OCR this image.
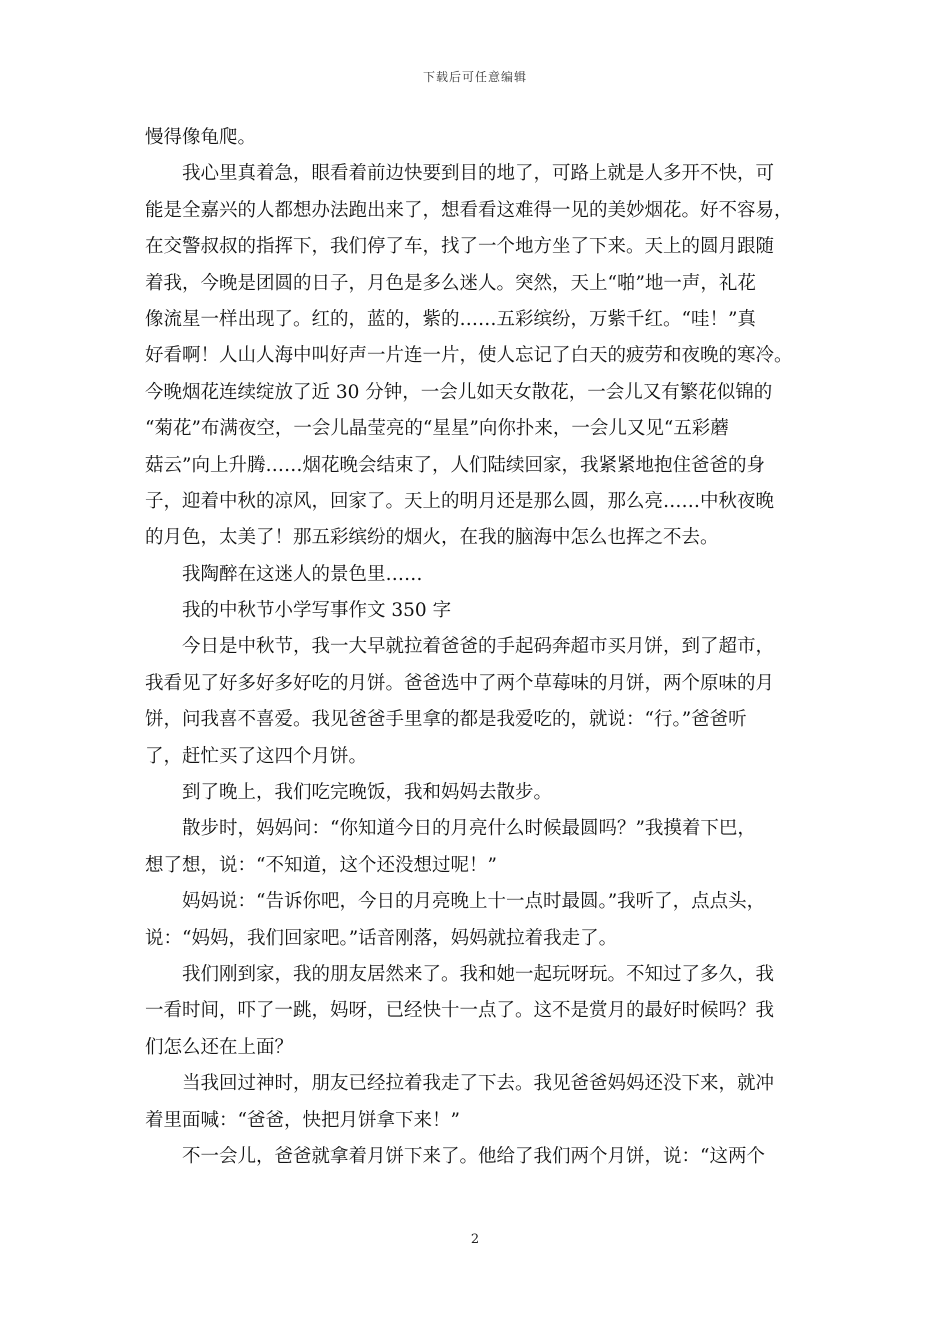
下载后可任意编辑
慢得像龟爬。
我心里真着急，眼看着前边快要到目的地了，可路上就是人多开不快，可
能是全嘉兴的人都想办法跑出来了，想看看这难得一见的美妙烟花。好不容易，
在交警叔叔的指挥下，我们停了车，找了一个地方坐了下来。天上的圆月跟随
着我，今晚是团圆的日子，月色是多么迷人。突然，天上“啪”地一声，礼花
像流星一样出现了。红的，蓝的，紫的……五彩缤纷，万紫千红。“哇！”真
好看啊！人山人海中叫好声一片连一片，使人忘记了白天的疲劳和夜晚的寒冷。
今晚烟花连续绽放了近 30 分钟，一会儿如天女散花，一会儿又有繁花似锦的
“菊花”布满夜空，一会儿晶莹亮的“星星”向你扑来，一会儿又见“五彩蘑
菇云”向上升腾……烟花晚会结束了，人们陆续回家，我紧紧地抱住爸爸的身
子，迎着中秋的凉风，回家了。天上的明月还是那么圆，那么亮……中秋夜晚
的月色，太美了！那五彩缤纷的烟火，在我的脑海中怎么也挥之不去。
我陶醉在这迷人的景色里……
我的中秋节小学写事作文 350 字
今日是中秋节，我一大早就拉着爸爸的手起码奔超市买月饼，到了超市，
我看见了好多好多好吃的月饼。爸爸选中了两个草莓味的月饼，两个原味的月
饼，问我喜不喜爱。我见爸爸手里拿的都是我爱吃的，就说：“行。”爸爸听
了，赶忙买了这四个月饼。
到了晚上，我们吃完晚饭，我和妈妈去散步。
散步时，妈妈问：“你知道今日的月亮什么时候最圆吗？”我摸着下巴，
想了想，说：“不知道，这个还没想过呢！”
妈妈说：“告诉你吧，今日的月亮晚上十一点时最圆。”我听了，点点头，
说：“妈妈，我们回家吧。”话音刚落，妈妈就拉着我走了。
我们刚到家，我的朋友居然来了。我和她一起玩呀玩。不知过了多久，我
一看时间，吓了一跳，妈呀，已经快十一点了。这不是赏月的最好时候吗？我
们怎么还在上面？
当我回过神时，朋友已经拉着我走了下去。我见爸爸妈妈还没下来，就冲
着里面喊：“爸爸，快把月饼拿下来！”
不一会儿，爸爸就拿着月饼下来了。他给了我们两个月饼，说：“这两个
2
